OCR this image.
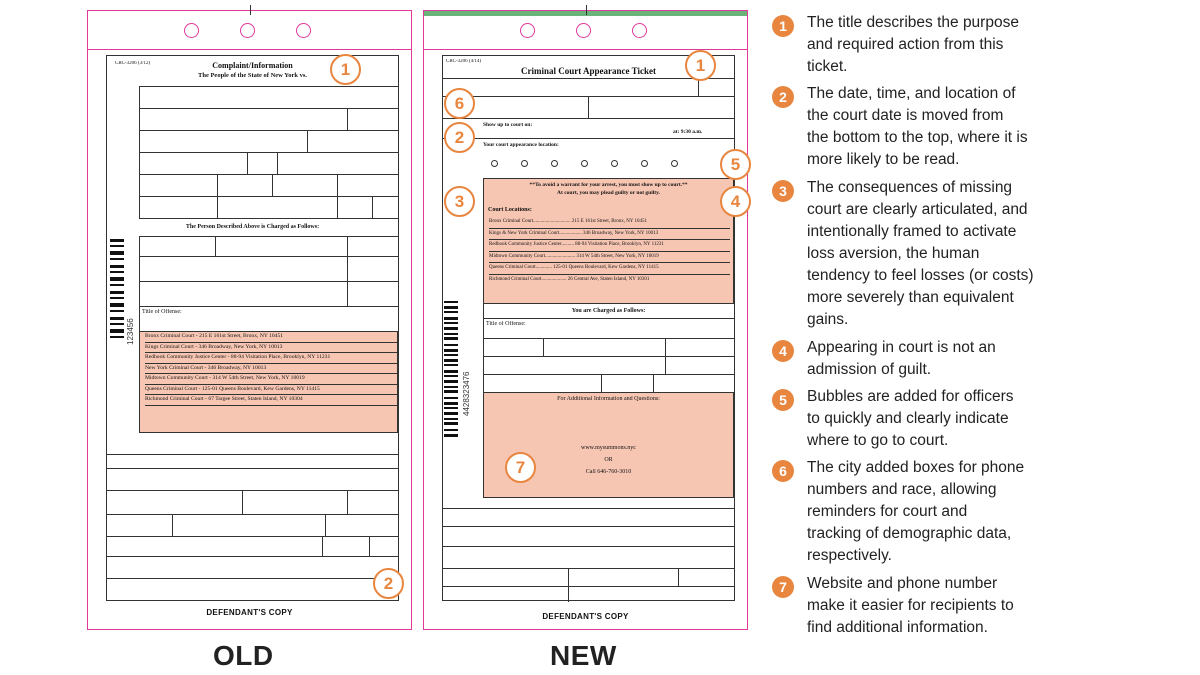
CRC-3206 (3/12)	Complaint/Information
The People of the State of New York vs.
The Person Described Above is Charged as Follows:
Title of Offense:
Bronx Criminal Court - 215 E 161st Street, Bronx, NY 10451
Kings Criminal Court - 346 Broadway, New York, NY 10013
Redhook Community Justice Center - 88-94 Visitation Place, Brooklyn, NY 11231
New York Criminal Court - 346 Broadway, NY 10013
Midtown Community Court - 314 W 54th Street, New York, NY 10019
Queens Criminal Court - 125-01 Queens Boulevard, Kew Gardens, NY 11415
Richmond Criminal Court - 67 Targee Street, Staten Island, NY 10304
123456
DEFENDANT'S COPY
OLD
CRC-3206 (4/14)
Criminal Court Appearance Ticket
Show up to court on:
at: 9:30 a.m.
Your court appearance location:
**To avoid a warrant for your arrest, you must show up to court.**
At court, you may plead guilty or not guilty.
Court Locations:
Bronx Criminal Court.............................. 215 E 161st Street, Bronx, NY 10451
Kings & New York Criminal Court.................. 346 Broadway, New York, NY 10013
Redhook Community Justice Center.......... 88-94 Visitation Place, Brooklyn, NY 11231
Midtown Community Court........................ 314 W 54th Street, New York, NY 10019
Queens Criminal Court............. 125-01 Queens Boulevard, Kew Gardens, NY 11415
Richmond Criminal Court.................... 26 Central Ave, Staten Island, NY 10301
You are Charged as Follows:
Title of Offense:
For Additional Information and Questions:
www.mysummons.nyc
OR
Call 646-760-3010
4428323476
DEFENDANT'S COPY
NEW
1
2
1
6
2
5
3	4
7
1	The title describes the purpose
and required action from this
ticket.
2	The date, time, and location of
the court date is moved from
the bottom to the top, where it is
more likely to be read.
3	The consequences of missing
court are clearly articulated, and
intentionally framed to activate
loss aversion, the human
tendency to feel losses (or costs)
more severely than equivalent
gains.
4	Appearing in court is not an
admission of guilt.
5	Bubbles are added for officers
to quickly and clearly indicate
where to go to court.
6	The city added boxes for phone
numbers and race, allowing
reminders for court and
tracking of demographic data,
respectively.
7	Website and phone number
make it easier for recipients to
find additional information.
